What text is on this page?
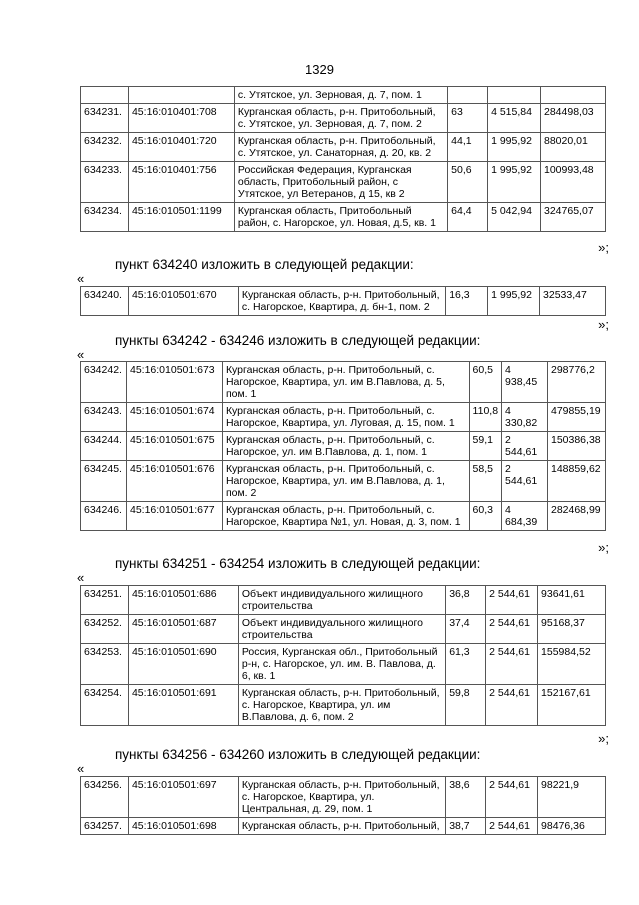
1329
		с. Утятское, ул. Зерновая, д. 7, пом. 1			
634231.	45:16:010401:708	Курганская область, р-н. Притобольный, с. Утятское, ул. Зерновая, д. 7, пом. 2	63	4 515,84	284498,03
634232.	45:16:010401:720	Курганская область, р-н. Притобольный, с. Утятское, ул. Санаторная, д. 20, кв. 2	44,1	1 995,92	88020,01
634233.	45:16:010401:756	Российская Федерация, Курганская область, Притобольный район, с Утятское, ул Ветеранов, д 15, кв 2	50,6	1 995,92	100993,48
634234.	45:16:010501:1199	Курганская область, Притобольный район, с. Нагорское, ул. Новая, д.5, кв. 1	64,4	5 042,94	324765,07
»;
пункт 634240 изложить в следующей редакции:
«
634240.	45:16:010501:670	Курганская область, р-н. Притобольный, с. Нагорское, Квартира, д. бн-1, пом. 2	16,3	1 995,92	32533,47
»;
пункты 634242 - 634246 изложить в следующей редакции:
«
634242.	45:16:010501:673	Курганская область, р-н. Притобольный, с. Нагорское, Квартира, ул. им В.Павлова, д. 5, пом. 1	60,5	4 938,45	298776,2
634243.	45:16:010501:674	Курганская область, р-н. Притобольный, с. Нагорское, Квартира, ул. Луговая, д. 15, пом. 1	110,8	4 330,82	479855,19
634244.	45:16:010501:675	Курганская область, р-н. Притобольный, с. Нагорское, ул. им В.Павлова, д. 1, пом. 1	59,1	2 544,61	150386,38
634245.	45:16:010501:676	Курганская область, р-н. Притобольный, с. Нагорское, Квартира, ул. им В.Павлова, д. 1, пом. 2	58,5	2 544,61	148859,62
634246.	45:16:010501:677	Курганская область, р-н. Притобольный, с. Нагорское, Квартира №1, ул. Новая, д. 3, пом. 1	60,3	4 684,39	282468,99
»;
пункты 634251 - 634254 изложить в следующей редакции:
«
634251.	45:16:010501:686	Объект индивидуального жилищного строительства	36,8	2 544,61	93641,61
634252.	45:16:010501:687	Объект индивидуального жилищного строительства	37,4	2 544,61	95168,37
634253.	45:16:010501:690	Россия, Курганская обл., Притобольный р-н, с. Нагорское, ул. им. В. Павлова, д. 6, кв. 1	61,3	2 544,61	155984,52
634254.	45:16:010501:691	Курганская область, р-н. Притобольный, с. Нагорское, Квартира, ул. им В.Павлова, д. 6, пом. 2	59,8	2 544,61	152167,61
»;
пункты 634256 - 634260 изложить в следующей редакции:
«
634256.	45:16:010501:697	Курганская область, р-н. Притобольный, с. Нагорское, Квартира, ул. Центральная, д. 29, пом. 1	38,6	2 544,61	98221,9
634257.	45:16:010501:698	Курганская область, р-н. Притобольный,	38,7	2 544,61	98476,36
